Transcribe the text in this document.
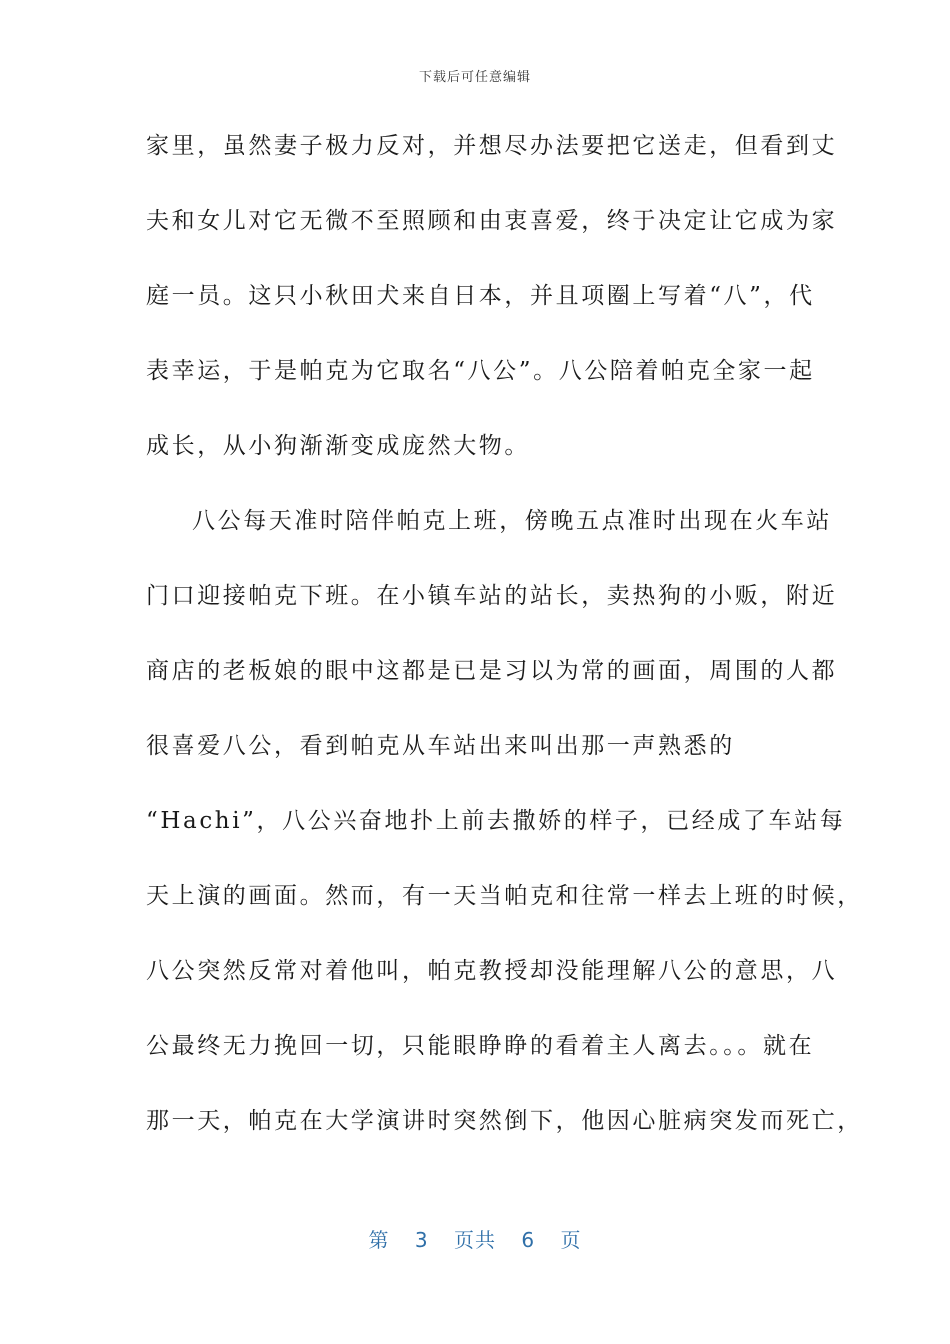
下载后可任意编辑
家里，虽然妻子极力反对，并想尽办法要把它送走，但看到丈
夫和女儿对它无微不至照顾和由衷喜爱，终于决定让它成为家
庭一员。这只小秋田犬来自日本，并且项圈上写着“八”，代
表幸运，于是帕克为它取名“八公”。八公陪着帕克全家一起
成长，从小狗渐渐变成庞然大物。
八公每天准时陪伴帕克上班，傍晚五点准时出现在火车站
门口迎接帕克下班。在小镇车站的站长，卖热狗的小贩，附近
商店的老板娘的眼中这都是已是习以为常的画面，周围的人都
很喜爱八公，看到帕克从车站出来叫出那一声熟悉的
“Hachi”，八公兴奋地扑上前去撒娇的样子，已经成了车站每
天上演的画面。然而，有一天当帕克和往常一样去上班的时候，
八公突然反常对着他叫，帕克教授却没能理解八公的意思，八
公最终无力挽回一切，只能眼睁睁的看着主人离去。。。就在
那一天，帕克在大学演讲时突然倒下，他因心脏病突发而死亡，
第 3 页共 6 页
